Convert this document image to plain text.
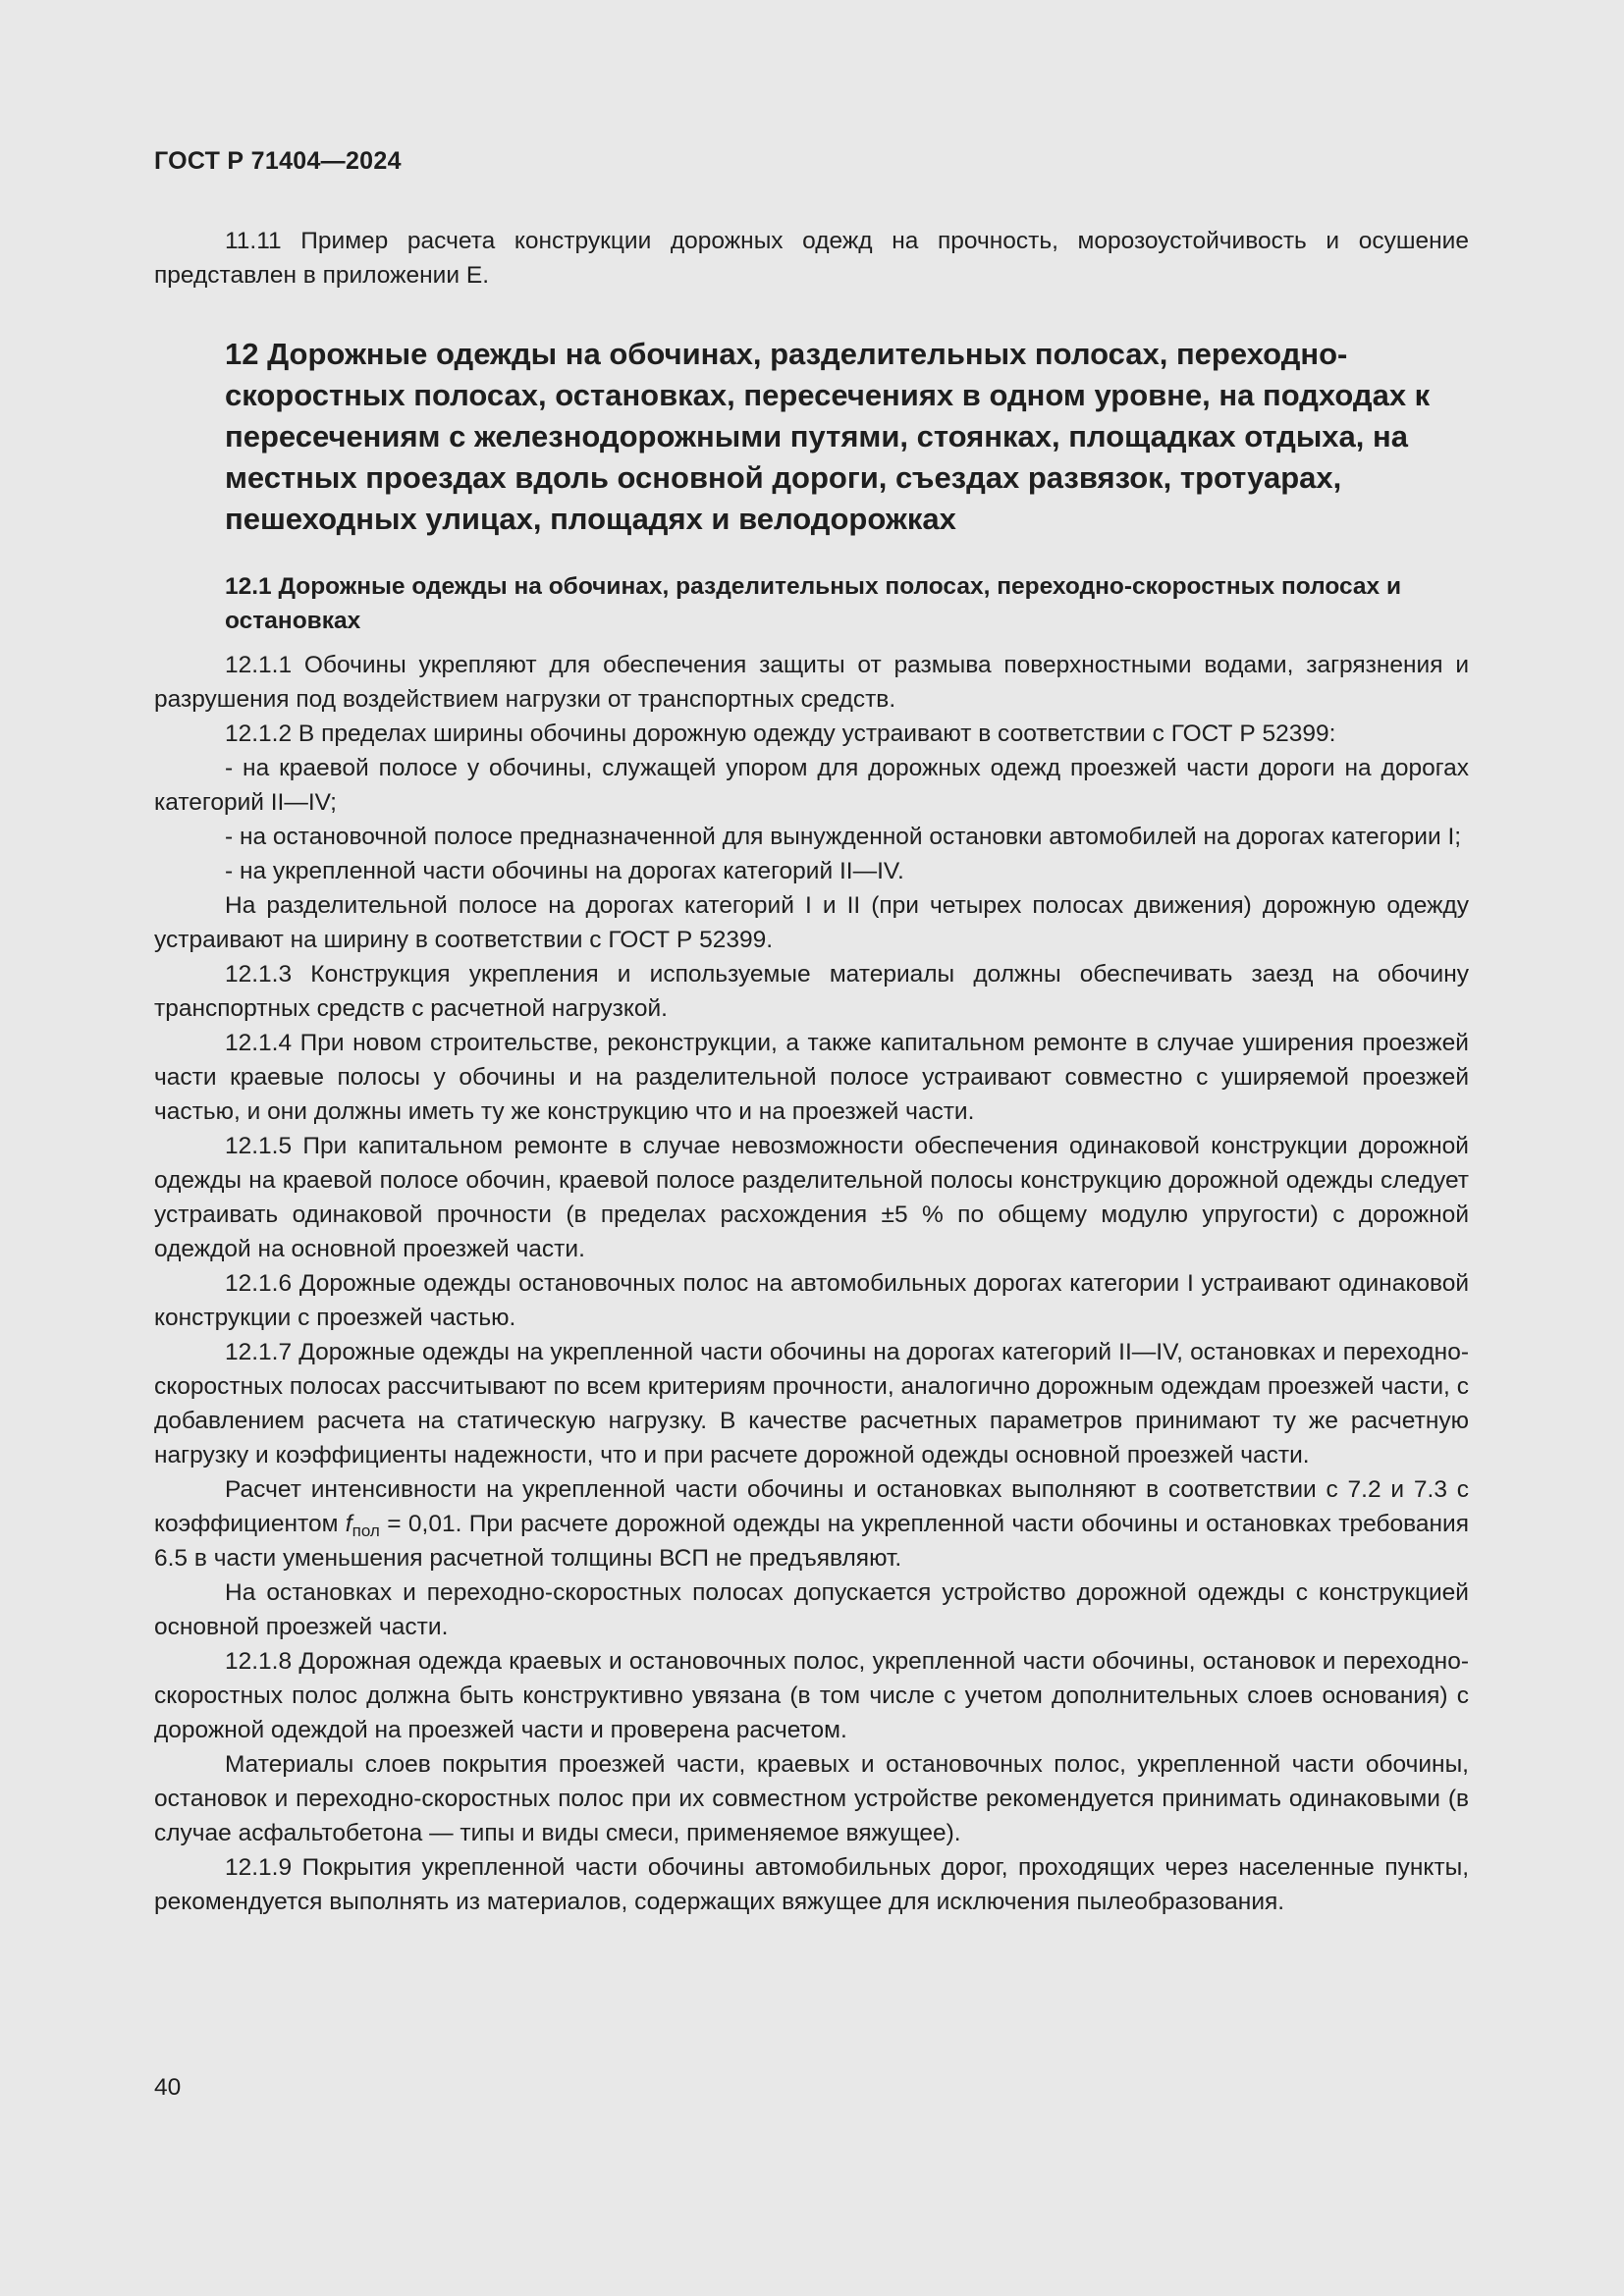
ГОСТ Р 71404—2024

11.11 Пример расчета конструкции дорожных одежд на прочность, морозоустойчивость и осушение представлен в приложении Е.

12 Дорожные одежды на обочинах, разделительных полосах, переходно-скоростных полосах, остановках, пересечениях в одном уровне, на подходах к пересечениям с железнодорожными путями, стоянках, площадках отдыха, на местных проездах вдоль основной дороги, съездах развязок, тротуарах, пешеходных улицах, площадях и велодорожках
12.1 Дорожные одежды на обочинах, разделительных полосах, переходно-скоростных полосах и остановках

12.1.1 Обочины укрепляют для обеспечения защиты от размыва поверхностными водами, загрязнения и разрушения под воздействием нагрузки от транспортных средств.

12.1.2 В пределах ширины обочины дорожную одежду устраивают в соответствии с ГОСТ Р 52399:

- на краевой полосе у обочины, служащей упором для дорожных одежд проезжей части дороги на дорогах категорий II—IV;

- на остановочной полосе предназначенной для вынужденной остановки автомобилей на дорогах категории I;

- на укрепленной части обочины на дорогах категорий II—IV.

На разделительной полосе на дорогах категорий I и II (при четырех полосах движения) дорожную одежду устраивают на ширину в соответствии с ГОСТ Р 52399.

12.1.3 Конструкция укрепления и используемые материалы должны обеспечивать заезд на обочину транспортных средств с расчетной нагрузкой.

12.1.4 При новом строительстве, реконструкции, а также капитальном ремонте в случае уширения проезжей части краевые полосы у обочины и на разделительной полосе устраивают совместно с уширяемой проезжей частью, и они должны иметь ту же конструкцию что и на проезжей части.

12.1.5 При капитальном ремонте в случае невозможности обеспечения одинаковой конструкции дорожной одежды на краевой полосе обочин, краевой полосе разделительной полосы конструкцию дорожной одежды следует устраивать одинаковой прочности (в пределах расхождения ±5 % по общему модулю упругости) с дорожной одеждой на основной проезжей части.

12.1.6 Дорожные одежды остановочных полос на автомобильных дорогах категории I устраивают одинаковой конструкции с проезжей частью.

12.1.7 Дорожные одежды на укрепленной части обочины на дорогах категорий II—IV, остановках и переходно-скоростных полосах рассчитывают по всем критериям прочности, аналогично дорожным одеждам проезжей части, с добавлением расчета на статическую нагрузку. В качестве расчетных параметров принимают ту же расчетную нагрузку и коэффициенты надежности, что и при расчете дорожной одежды основной проезжей части.

Расчет интенсивности на укрепленной части обочины и остановках выполняют в соответствии с 7.2 и 7.3 с коэффициентом $f_{пол} = 0,01$. При расчете дорожной одежды на укрепленной части обочины и остановках требования 6.5 в части уменьшения расчетной толщины ВСП не предъявляют.

На остановках и переходно-скоростных полосах допускается устройство дорожной одежды с конструкцией основной проезжей части.

12.1.8 Дорожная одежда краевых и остановочных полос, укрепленной части обочины, остановок и переходно-скоростных полос должна быть конструктивно увязана (в том числе с учетом дополнительных слоев основания) с дорожной одеждой на проезжей части и проверена расчетом.

Материалы слоев покрытия проезжей части, краевых и остановочных полос, укрепленной части обочины, остановок и переходно-скоростных полос при их совместном устройстве рекомендуется принимать одинаковыми (в случае асфальтобетона — типы и виды смеси, применяемое вяжущее).

12.1.9 Покрытия укрепленной части обочины автомобильных дорог, проходящих через населенные пункты, рекомендуется выполнять из материалов, содержащих вяжущее для исключения пылеобразования.

40
